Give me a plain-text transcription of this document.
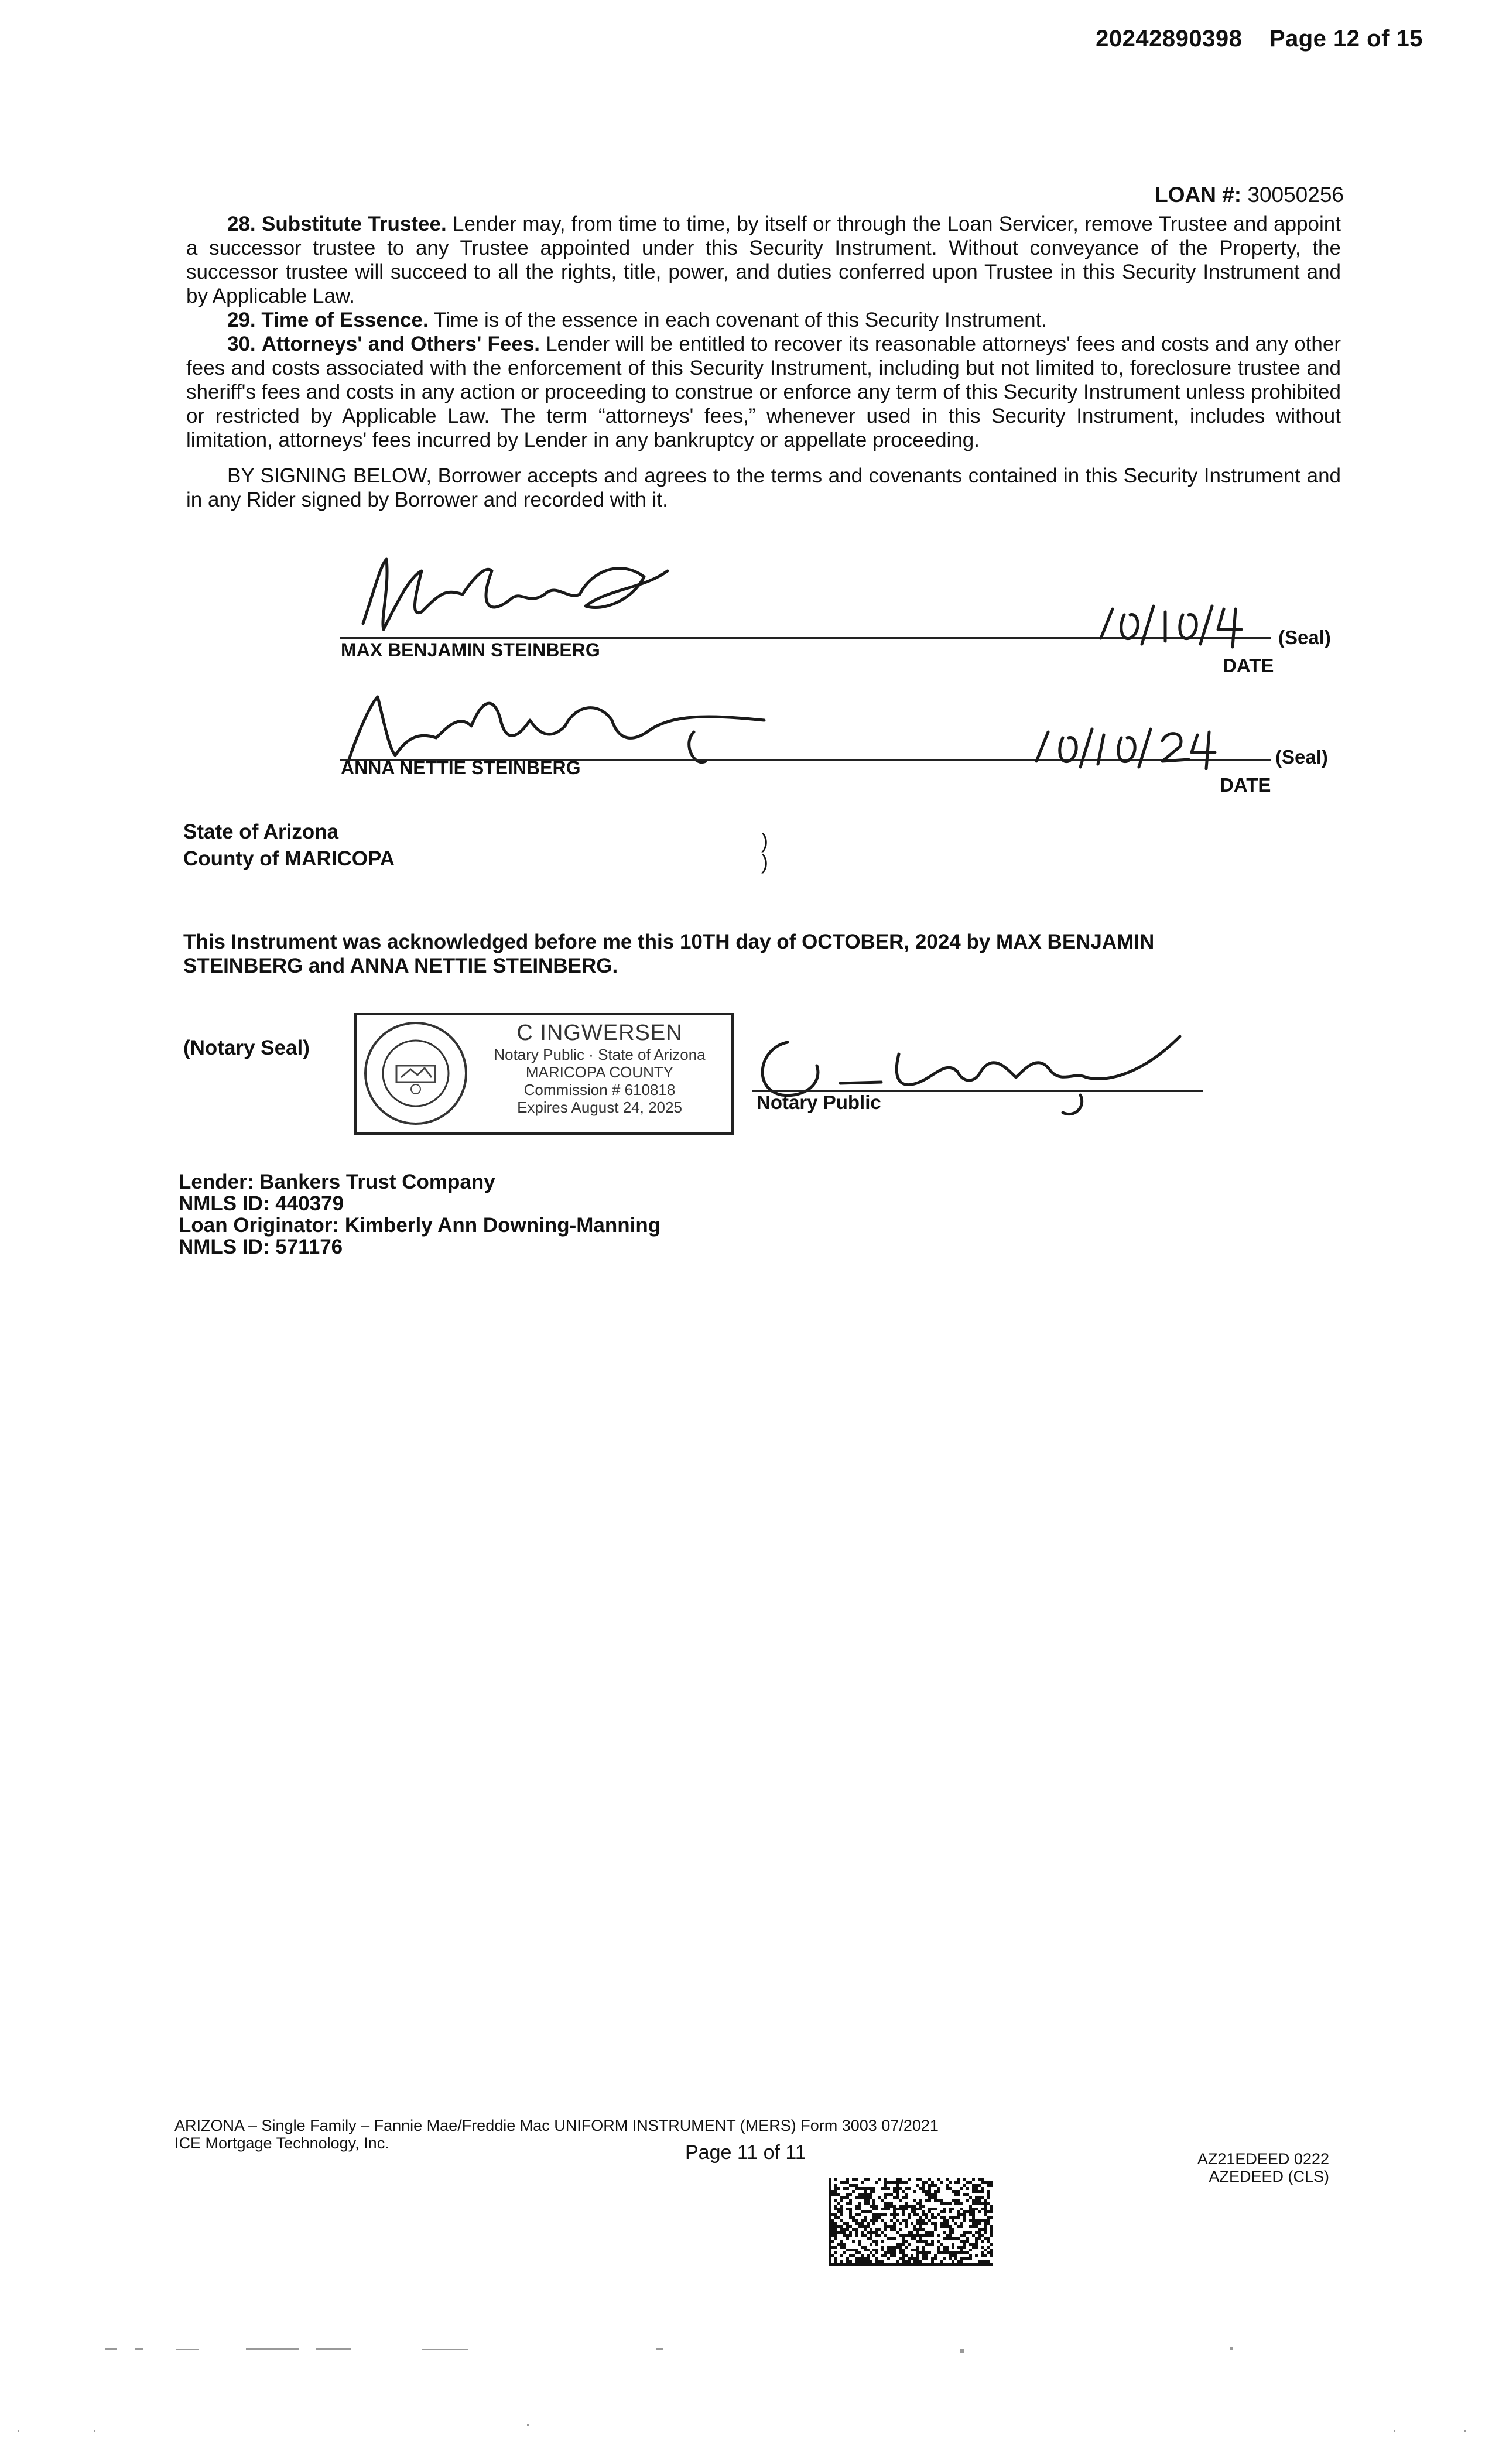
20242890398 Page 12 of 15
LOAN #: 30050256

28. Substitute Trustee. Lender may, from time to time, by itself or through the Loan Servicer, remove Trustee and appoint a successor trustee to any Trustee appointed under this Security Instrument. Without conveyance of the Property, the successor trustee will succeed to all the rights, title, power, and duties conferred upon Trustee in this Security Instrument and by Applicable Law.

29. Time of Essence. Time is of the essence in each covenant of this Security Instrument.

30. Attorneys' and Others' Fees. Lender will be entitled to recover its reasonable attorneys' fees and costs and any other fees and costs associated with the enforcement of this Security Instrument, including but not limited to, foreclosure trustee and sheriff's fees and costs in any action or proceeding to construe or enforce any term of this Security Instrument unless prohibited or restricted by Applicable Law. The term “attorneys' fees,” whenever used in this Security Instrument, includes without limitation, attorneys' fees incurred by Lender in any bankruptcy or appellate proceeding.

BY SIGNING BELOW, Borrower accepts and agrees to the terms and covenants contained in this Security Instrument and in any Rider signed by Borrower and recorded with it.

MAX BENJAMIN STEINBERG
(Seal)
DATE
ANNA NETTIE STEINBERG	(Seal)
DATE
State of Arizona
County of MARICOPA
)
)
This Instrument was acknowledged before me this 10TH day of OCTOBER, 2024 by MAX BENJAMIN STEINBERG and ANNA NETTIE STEINBERG.
(Notary Seal)
C INGWERSEN
Notary Public · State of Arizona
MARICOPA COUNTY
Commission # 610818
Expires August 24, 2025	Notary Public
Lender: Bankers Trust Company
NMLS ID: 440379
Loan Originator: Kimberly Ann Downing-Manning
NMLS ID: 571176
ARIZONA – Single Family – Fannie Mae/Freddie Mac UNIFORM INSTRUMENT (MERS) Form 3003 07/2021
ICE Mortgage Technology, Inc.	Page 11 of 11	AZ21EDEED 0222
AZEDEED (CLS)
